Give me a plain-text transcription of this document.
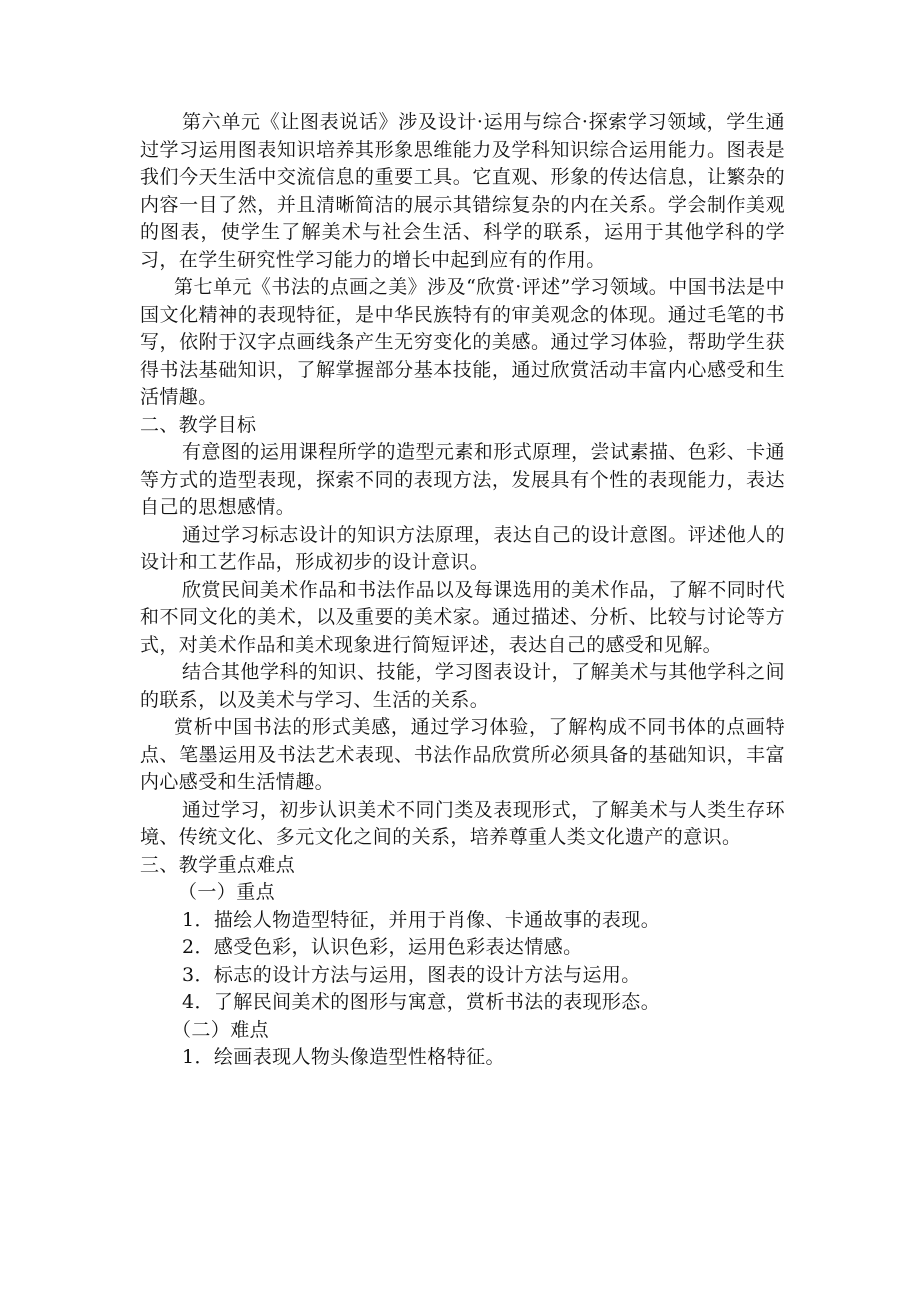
第六单元《让图表说话》涉及设计·运用与综合·探索学习领域，学生通过学习运用图表知识培养其形象思维能力及学科知识综合运用能力。图表是我们今天生活中交流信息的重要工具。它直观、形象的传达信息，让繁杂的内容一目了然，并且清晰简洁的展示其错综复杂的内在关系。学会制作美观的图表，使学生了解美术与社会生活、科学的联系，运用于其他学科的学习，在学生研究性学习能力的增长中起到应有的作用。

第七单元《书法的点画之美》涉及“欣赏·评述”学习领域。中国书法是中国文化精神的表现特征，是中华民族特有的审美观念的体现。通过毛笔的书写，依附于汉字点画线条产生无穷变化的美感。通过学习体验，帮助学生获得书法基础知识，了解掌握部分基本技能，通过欣赏活动丰富内心感受和生活情趣。

二、教学目标

有意图的运用课程所学的造型元素和形式原理，尝试素描、色彩、卡通等方式的造型表现，探索不同的表现方法，发展具有个性的表现能力，表达自己的思想感情。

通过学习标志设计的知识方法原理，表达自己的设计意图。评述他人的设计和工艺作品，形成初步的设计意识。

欣赏民间美术作品和书法作品以及每课选用的美术作品，了解不同时代和不同文化的美术，以及重要的美术家。通过描述、分析、比较与讨论等方式，对美术作品和美术现象进行简短评述，表达自己的感受和见解。

结合其他学科的知识、技能，学习图表设计，了解美术与其他学科之间的联系，以及美术与学习、生活的关系。

赏析中国书法的形式美感，通过学习体验，了解构成不同书体的点画特点、笔墨运用及书法艺术表现、书法作品欣赏所必须具备的基础知识，丰富内心感受和生活情趣。

通过学习，初步认识美术不同门类及表现形式，了解美术与人类生存环境、传统文化、多元文化之间的关系，培养尊重人类文化遗产的意识。

三、教学重点难点

（一）重点

1．描绘人物造型特征，并用于肖像、卡通故事的表现。

2．感受色彩，认识色彩，运用色彩表达情感。

3．标志的设计方法与运用，图表的设计方法与运用。

4．了解民间美术的图形与寓意，赏析书法的表现形态。

（二）难点

1．绘画表现人物头像造型性格特征。
